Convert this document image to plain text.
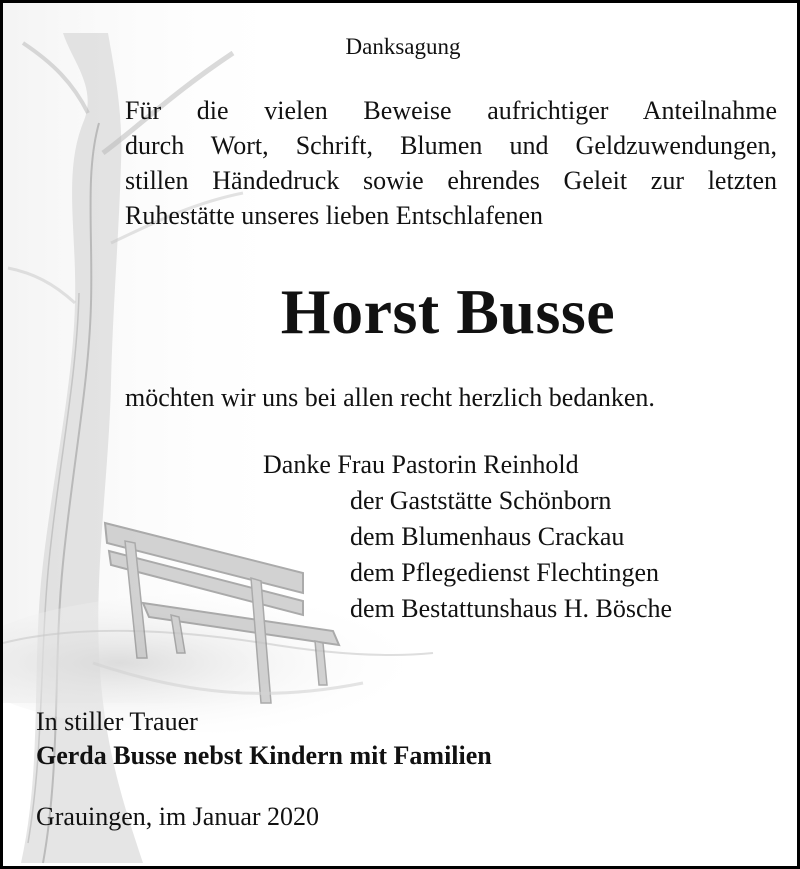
Danksagung
Für die vielen Beweise aufrichtiger Anteilnahme
durch Wort, Schrift, Blumen und Geldzuwendungen,
stillen Händedruck sowie ehrendes Geleit zur letzten
Ruhestätte unseres lieben Entschlafenen
Horst Busse
möchten wir uns bei allen recht herzlich bedanken.
Danke Frau Pastorin Reinhold
der Gaststätte Schönborn
dem Blumenhaus Crackau
dem Pflegedienst Flechtingen
dem Bestattunshaus H. Bösche
In stiller Trauer
Gerda Busse nebst Kindern mit Familien
Grauingen, im Januar 2020
